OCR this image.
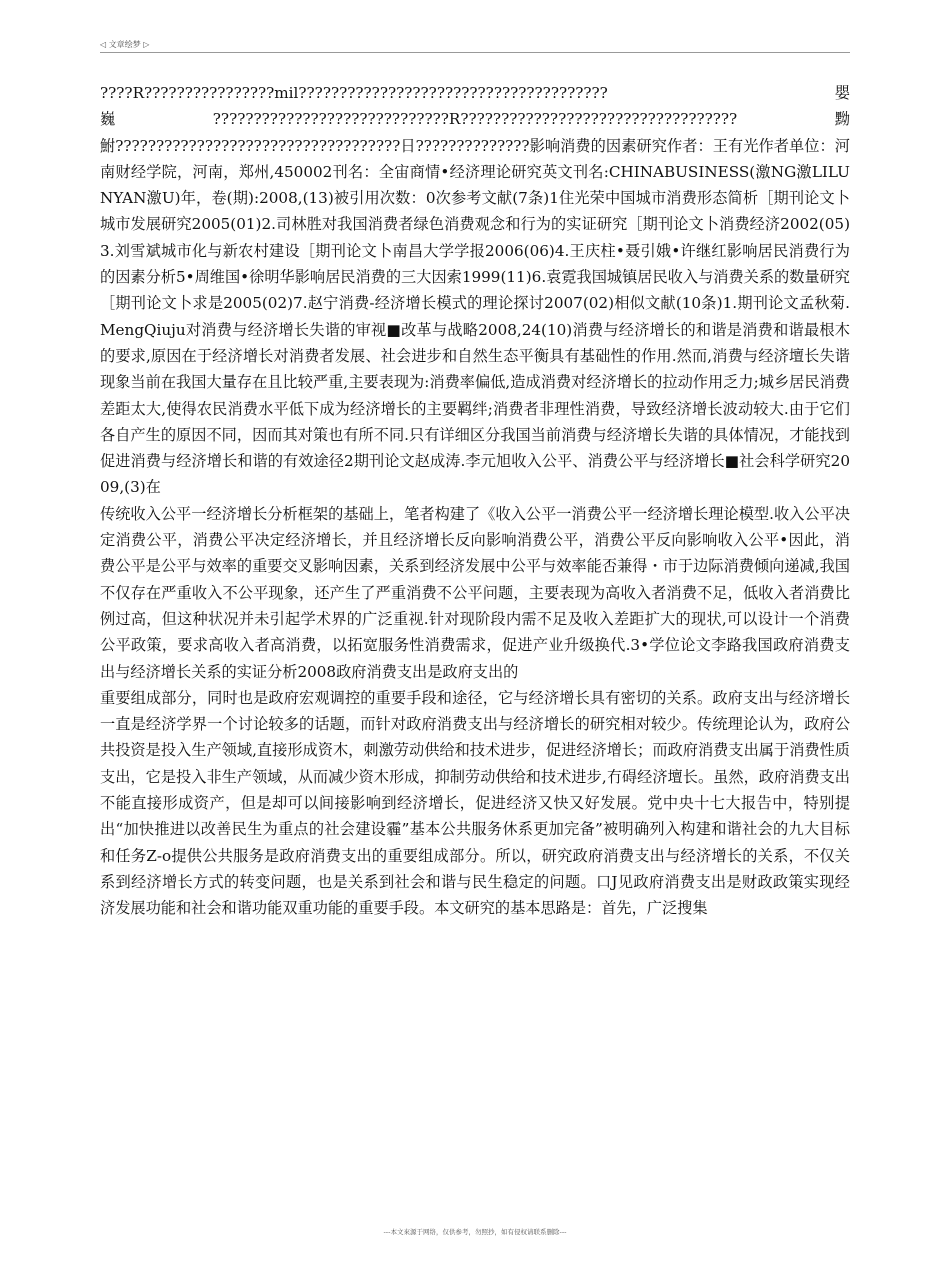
◁ 文章绘梦 ▷

????R????????????????mil??????????????????????????????????????嬰巍?????????????????????????????R??????????????????????????????????黝鮒???????????????????????????????????日??????????????影响消费的因素研究作者：王有光作者单位：河南财经学院，河南，郑州,450002刊名：全宙商情•经济理论研究英文刊名:CHINABUSINESS(激NG激LILUNYAN激U)年，卷(期):2008,(13)被引用次数：0次参考文献(7条)1住光荣中国城市消费形态简析［期刊论文卜城市发展研究2005(01)2.司林胜对我国消费者绿色消费观念和行为的实证研究［期刊论文卜消费经济2002(05)3.刘雪斌城市化与新农村建设［期刊论文卜南昌大学学报2006(06)4.王庆柱•聂引娥•许继红影响居民消费行为的因素分析5•周维国•徐明华影响居民消费的三大因索1999(11)6.袁霓我国城镇居民收入与消费关系的数量研究［期刊论文卜求是2005(02)7.赵宁消费-经济增长模式的理论探讨2007(02)相似文献(10条)1.期刊论文孟秋菊.MengQiuju对消费与经济增长失谐的审视■改革与战略2008,24(10)消费与经济增长的和谐是消费和谐最根木的要求,原因在于经济增长对消费者发展、社会进步和自然生态平衡具有基础性的作用.然而,消费与经济壇长失谐现象当前在我国大量存在且比较严重,主要表现为:消费率偏低,造成消费对经济增长的拉动作用乏力;城乡居民消费差距太大,使得农民消费水平低下成为经济增长的主要羁绊;消费者非理性消费，导致经济增长波动较大.由于它们各自产生的原因不同，因而其对策也有所不同.只有详细区分我国当前消费与经济增长失谐的具体情况，才能找到促进消费与经济增长和谐的有效途径2期刊论文赵成涛.李元旭收入公平、消费公平与经济增长■社会科学研究2009,(3)在

传统收入公平一经济增长分析框架的基础上，笔者构建了《收入公平一消费公平一经济增长理论模型.收入公平决定消费公平，消费公平决定经济增长，并且经济增长反向影响消费公平，消费公平反向影响收入公平•因此，消费公平是公平与效率的重要交叉影响因素，关系到经济发展中公平与效率能否兼得・市于边际消费倾向递减,我国不仅存在严重收入不公平现象，还产生了严重消费不公平问题，主要表现为高收入者消费不足，低收入者消费比例过高，但这种状况并未引起学术界的广泛重视.针对现阶段内需不足及收入差距扩大的现状,可以设计一个消费公平政策，要求高收入者高消费，以拓宽服务性消费需求，促进产业升级换代.3•学位论文李路我国政府消费支出与经济增长关系的实证分析2008政府消费支出是政府支出的

重要组成部分，同时也是政府宏观调控的重要手段和途径，它与经济增长具有密切的关系。政府支出与经济增长一直是经济学界一个讨论较多的话题，而针对政府消费支出与经济增长的研究相对较少。传统理论认为，政府公共投资是投入生产领域,直接形成资木，刺激劳动供给和技术进步，促进经济增长；而政府消费支出属于消费性质支出，它是投入非生产领域，从而减少资木形成，抑制劳动供给和技术进步,冇碍经济壇长。虽然，政府消费支出不能直接形成资产，但是却可以间接影响到经济增长，促进经济又快又好发展。党中央十七大报告中，特别提出“加快推进以改善民生为重点的社会建设霾”基本公共服务休系更加完备”被明确列入构建和谐社会的九大目标和任务Z-o提供公共服务是政府消费支出的重要组成部分。所以，研究政府消费支出与经济增长的关系，不仅关系到经济增长方式的转变问题，也是关系到社会和谐与民生稳定的问题。口J见政府消费支出是财政政策实现经济发展功能和社会和谐功能双重功能的重要手段。本文研究的基本思路是：首先，广泛搜集

---本文來源于网络，仅供参考，勿照抄，如有侵权请联系删除---
